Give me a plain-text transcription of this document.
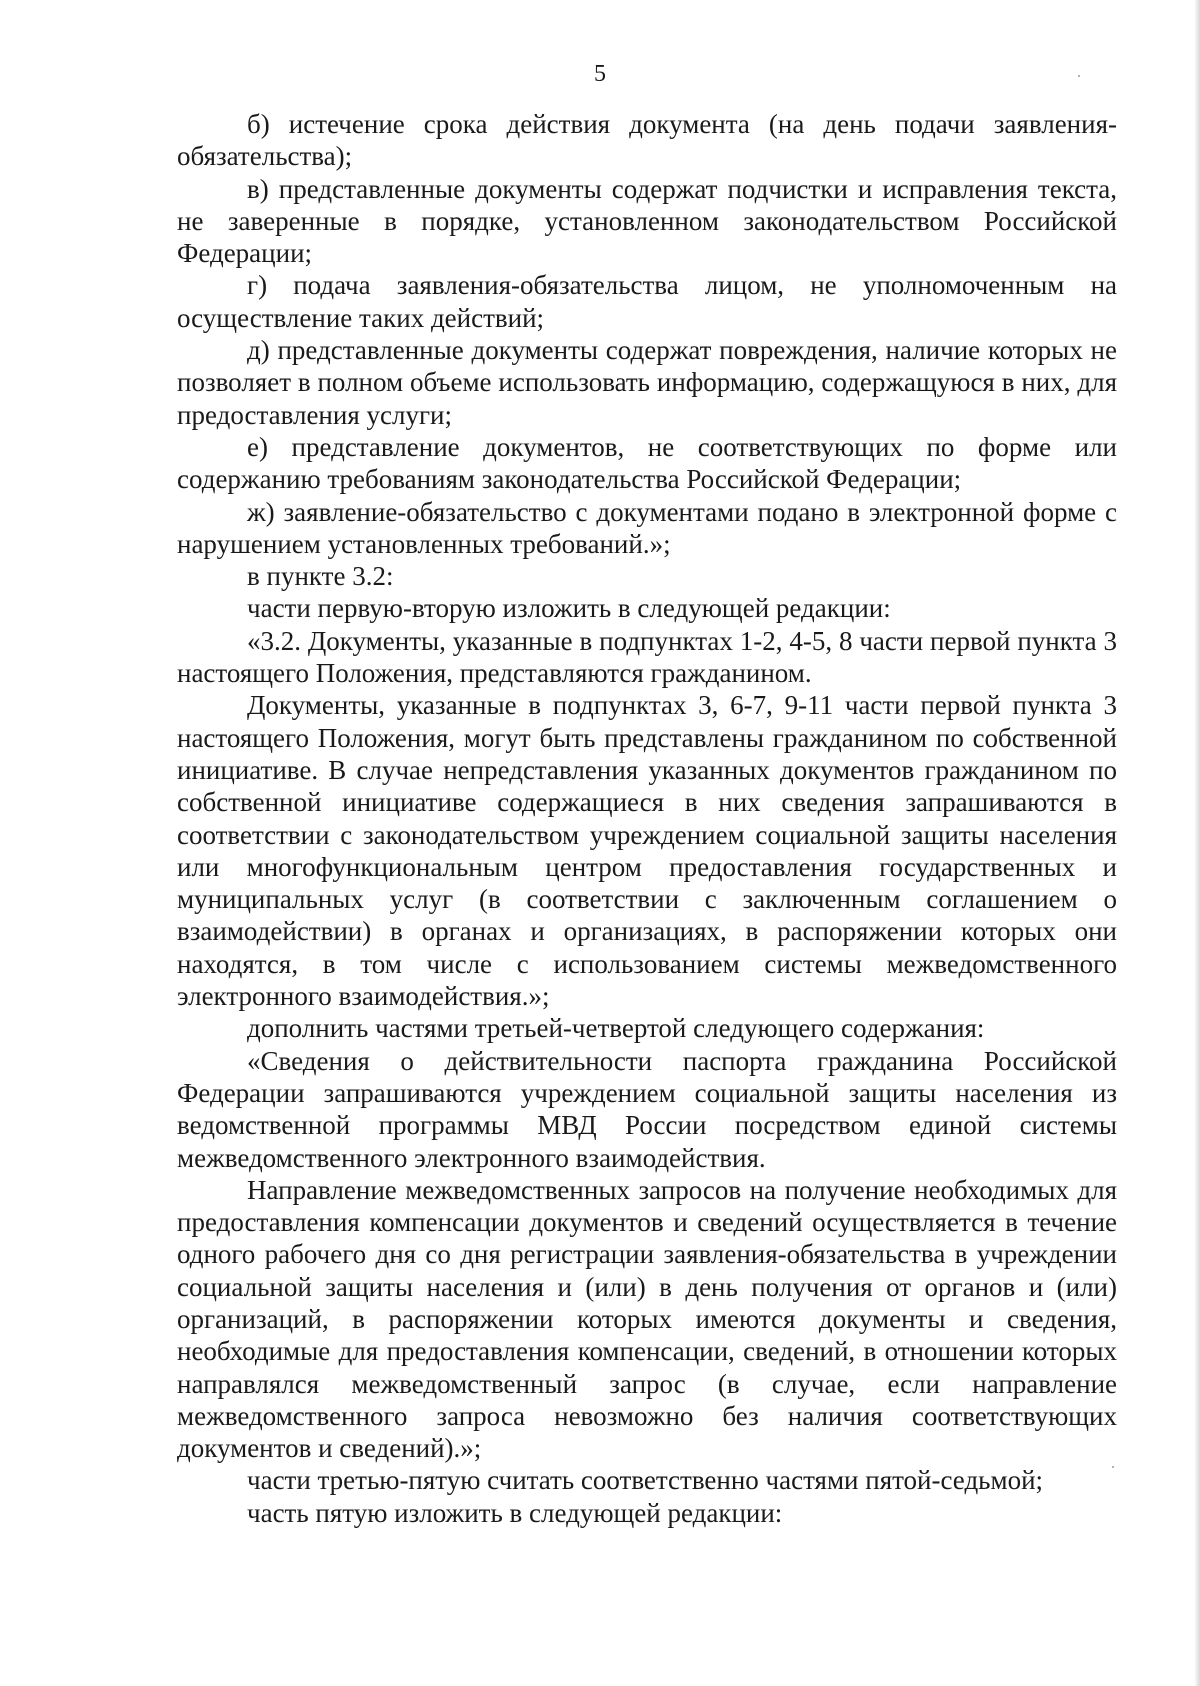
5

б) истечение срока действия документа (на день подачи заявления-обязательства);

в) представленные документы содержат подчистки и исправления текста, не заверенные в порядке, установленном законодательством Российской Федерации;

г) подача заявления-обязательства лицом, не уполномоченным на осуществление таких действий;

д) представленные документы содержат повреждения, наличие которых не позволяет в полном объеме использовать информацию, содержащуюся в них, для предоставления услуги;

е) представление документов, не соответствующих по форме или содержанию требованиям законодательства Российской Федерации;

ж) заявление-обязательство с документами подано в электронной форме с нарушением установленных требований.»;

в пункте 3.2:

части первую-вторую изложить в следующей редакции:

«3.2. Документы, указанные в подпунктах 1-2, 4-5, 8 части первой пункта 3 настоящего Положения, представляются гражданином.

Документы, указанные в подпунктах 3, 6-7, 9-11 части первой пункта 3 настоящего Положения, могут быть представлены гражданином по собственной инициативе. В случае непредставления указанных документов гражданином по собственной инициативе содержащиеся в них сведения запрашиваются в соответствии с законодательством учреждением социальной защиты населения или многофункциональным центром предоставления государственных и муниципальных услуг (в соответствии с заключенным соглашением о взаимодействии) в органах и организациях, в распоряжении которых они находятся, в том числе с использованием системы межведомственного электронного взаимодействия.»;

дополнить частями третьей-четвертой следующего содержания:

«Сведения о действительности паспорта гражданина Российской Федерации запрашиваются учреждением социальной защиты населения из ведомственной программы МВД России посредством единой системы межведомственного электронного взаимодействия.

Направление межведомственных запросов на получение необходимых для предоставления компенсации документов и сведений осуществляется в течение одного рабочего дня со дня регистрации заявления-обязательства в учреждении социальной защиты населения и (или) в день получения от органов и (или) организаций, в распоряжении которых имеются документы и сведения, необходимые для предоставления компенсации, сведений, в отношении которых направлялся межведомственный запрос (в случае, если направление межведомственного запроса невозможно без наличия соответствующих документов и сведений).»;

части третью-пятую считать соответственно частями пятой-седьмой;

часть пятую изложить в следующей редакции:
